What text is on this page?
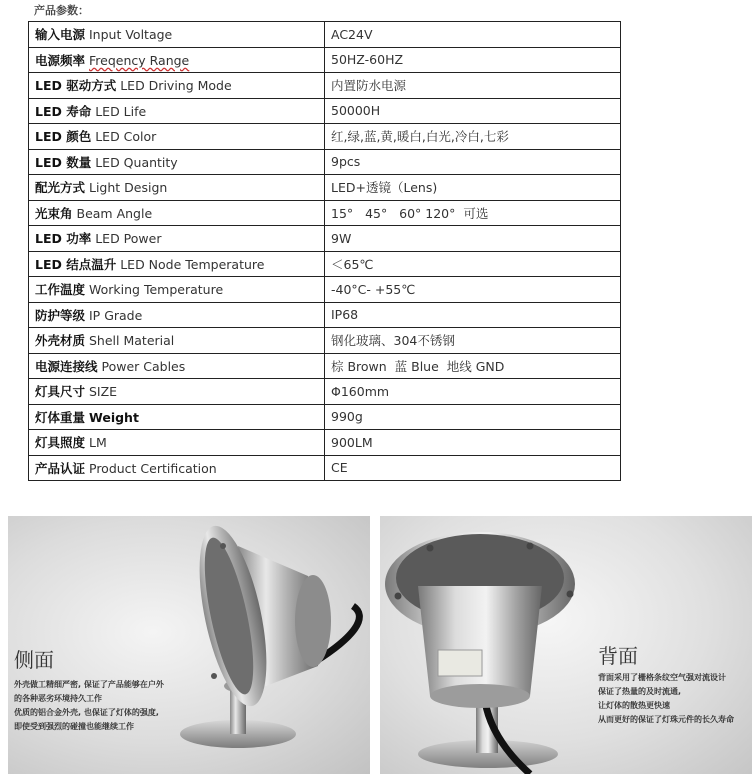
产品参数：
输入电源 Input Voltage	AC24V
电源频率 Freqency Range	50HZ-60HZ
LED 驱动方式 LED Driving Mode	内置防水电源
LED 寿命 LED Life	50000H
LED 颜色 LED Color	红,绿,蓝,黄,暖白,白光,冷白,七彩
LED 数量 LED Quantity	9pcs
配光方式 Light Design	LED+透镜（Lens)
光束角 Beam Angle	15°   45°   60° 120°  可选
LED 功率 LED Power	9W
LED 结点温升 LED Node Temperature	＜65℃
工作温度 Working Temperature	-40°C- +55℃
防护等级 IP Grade	IP68
外壳材质 Shell Material	钢化玻璃、304不锈钢
电源连接线 Power Cables	棕 Brown  蓝 Blue  地线 GND
灯具尺寸 SIZE	Φ160mm
灯体重量 Weight	990g
灯具照度 LM	900LM
产品认证 Product Certification	CE
侧面
外壳做工精细严密, 保证了产品能够在户外
的各种恶劣环境持久工作
优质的铝合金外壳, 也保证了灯体的强度,
即使受到强烈的碰撞也能继续工作
背面
背面采用了栅格条纹空气强对流设计
保证了热量的及时流通,
让灯体的散热更快速
从而更好的保证了灯珠元件的长久寿命
